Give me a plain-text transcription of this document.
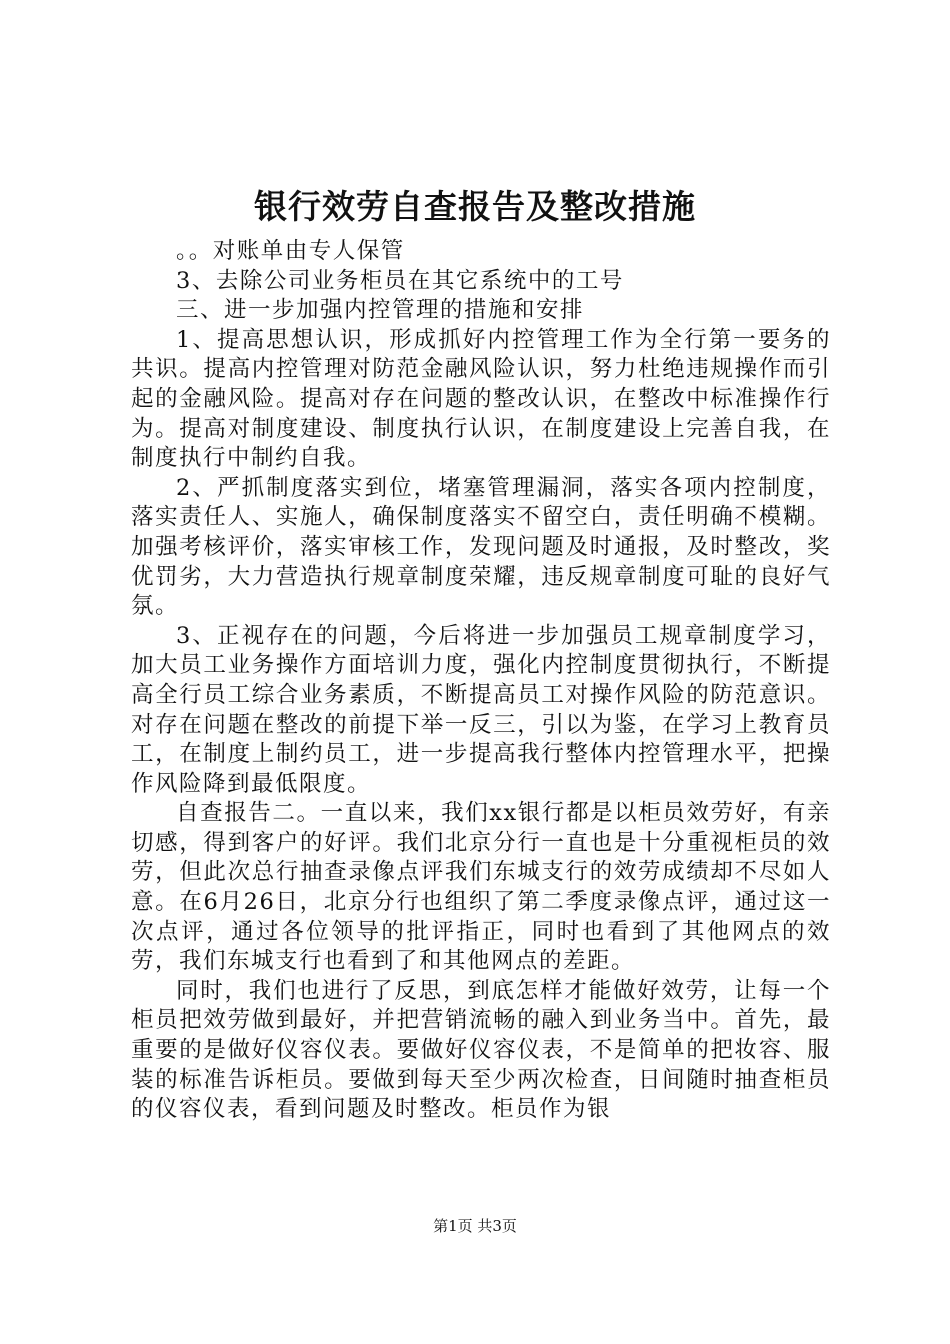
银行效劳自查报告及整改措施

。。对账单由专人保管

3、去除公司业务柜员在其它系统中的工号

三、进一步加强内控管理的措施和安排

1、提高思想认识，形成抓好内控管理工作为全行第一要务的共识。提高内控管理对防范金融风险认识，努力杜绝违规操作而引起的金融风险。提高对存在问题的整改认识，在整改中标准操作行为。提高对制度建设、制度执行认识，在制度建设上完善自我，在制度执行中制约自我。

2、严抓制度落实到位，堵塞管理漏洞，落实各项内控制度，落实责任人、实施人，确保制度落实不留空白，责任明确不模糊。加强考核评价，落实审核工作，发现问题及时通报，及时整改，奖优罚劣，大力营造执行规章制度荣耀，违反规章制度可耻的良好气氛。

3、正视存在的问题，今后将进一步加强员工规章制度学习，加大员工业务操作方面培训力度，强化内控制度贯彻执行，不断提高全行员工综合业务素质，不断提高员工对操作风险的防范意识。对存在问题在整改的前提下举一反三，引以为鉴，在学习上教育员工，在制度上制约员工，进一步提高我行整体内控管理水平，把操作风险降到最低限度。

自查报告二。一直以来，我们xx银行都是以柜员效劳好，有亲切感，得到客户的好评。我们北京分行一直也是十分重视柜员的效劳，但此次总行抽查录像点评我们东城支行的效劳成绩却不尽如人意。在6月26日，北京分行也组织了第二季度录像点评，通过这一次点评，通过各位领导的批评指正，同时也看到了其他网点的效劳，我们东城支行也看到了和其他网点的差距。

同时，我们也进行了反思，到底怎样才能做好效劳，让每一个柜员把效劳做到最好，并把营销流畅的融入到业务当中。首先，最重要的是做好仪容仪表。要做好仪容仪表，不是简单的把妆容、服装的标准告诉柜员。要做到每天至少两次检查，日间随时抽查柜员的仪容仪表，看到问题及时整改。柜员作为银

第1页 共3页
